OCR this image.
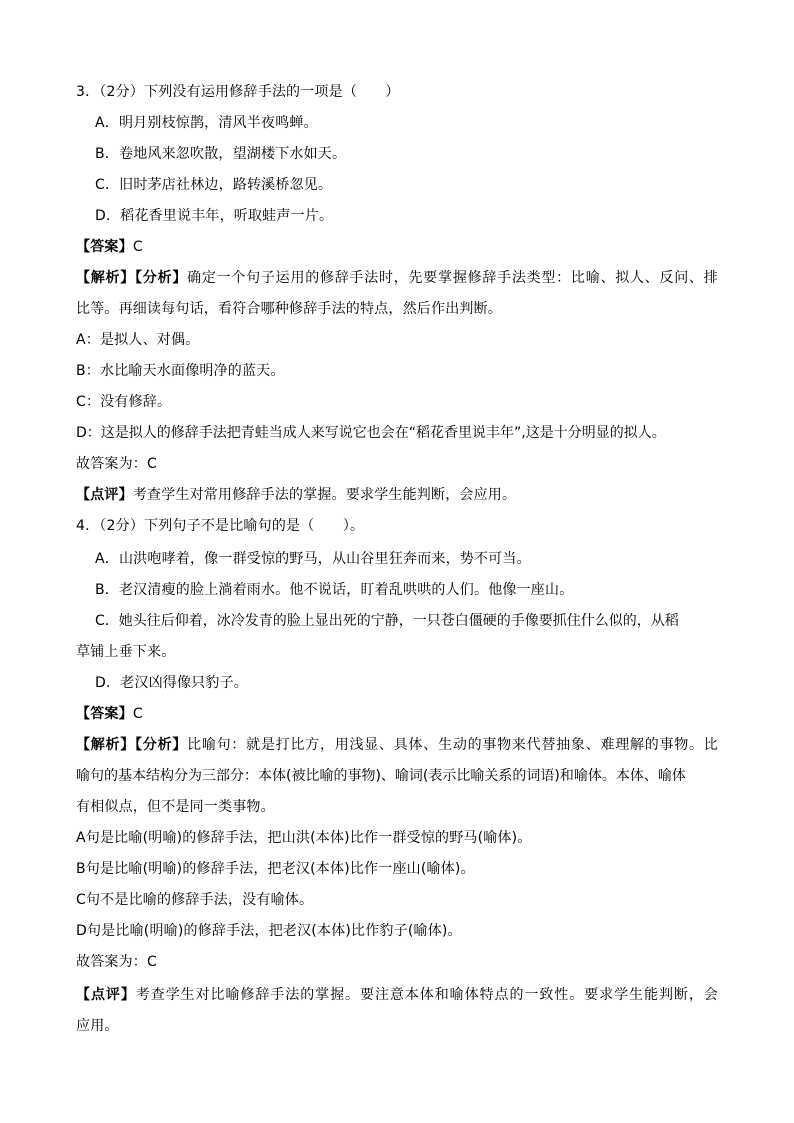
3．（2分）下列没有运用修辞手法的一项是（　　）
A．明月别枝惊鹊，清风半夜鸣蝉。
B．卷地风来忽吹散，望湖楼下水如天。
C．旧时茅店社林边，路转溪桥忽见。
D．稻花香里说丰年，听取蛙声一片。
【答案】C
【解析】【分析】确定一个句子运用的修辞手法时，先要掌握修辞手法类型：比喻、拟人、反问、排
比等。再细读每句话，看符合哪种修辞手法的特点，然后作出判断。
A：是拟人、对偶。
B：水比喻天水面像明净的蓝天。
C：没有修辞。
D：这是拟人的修辞手法把青蛙当成人来写说它也会在“稻花香里说丰年”,这是十分明显的拟人。
故答案为：C
【点评】考查学生对常用修辞手法的掌握。要求学生能判断，会应用。
4．（2分）下列句子不是比喻句的是（　　）。
A．山洪咆哮着，像一群受惊的野马，从山谷里狂奔而来，势不可当。
B．老汉清瘦的脸上淌着雨水。他不说话，盯着乱哄哄的人们。他像一座山。
C．她头往后仰着，冰冷发青的脸上显出死的宁静，一只苍白僵硬的手像要抓住什么似的，从稻
草铺上垂下来。
D．老汉凶得像只豹子。
【答案】C
【解析】【分析】比喻句：就是打比方，用浅显、具体、生动的事物来代替抽象、难理解的事物。比
喻句的基本结构分为三部分：本体(被比喻的事物)、喻词(表示比喻关系的词语)和喻体。本体、喻体
有相似点，但不是同一类事物。
A句是比喻(明喻)的修辞手法，把山洪(本体)比作一群受惊的野马(喻体)。
B句是比喻(明喻)的修辞手法，把老汉(本体)比作一座山(喻体)。
C句不是比喻的修辞手法，没有喻体。
D句是比喻(明喻)的修辞手法，把老汉(本体)比作豹子(喻体)。
故答案为：C
【点评】考查学生对比喻修辞手法的掌握。要注意本体和喻体特点的一致性。要求学生能判断，会
应用。
